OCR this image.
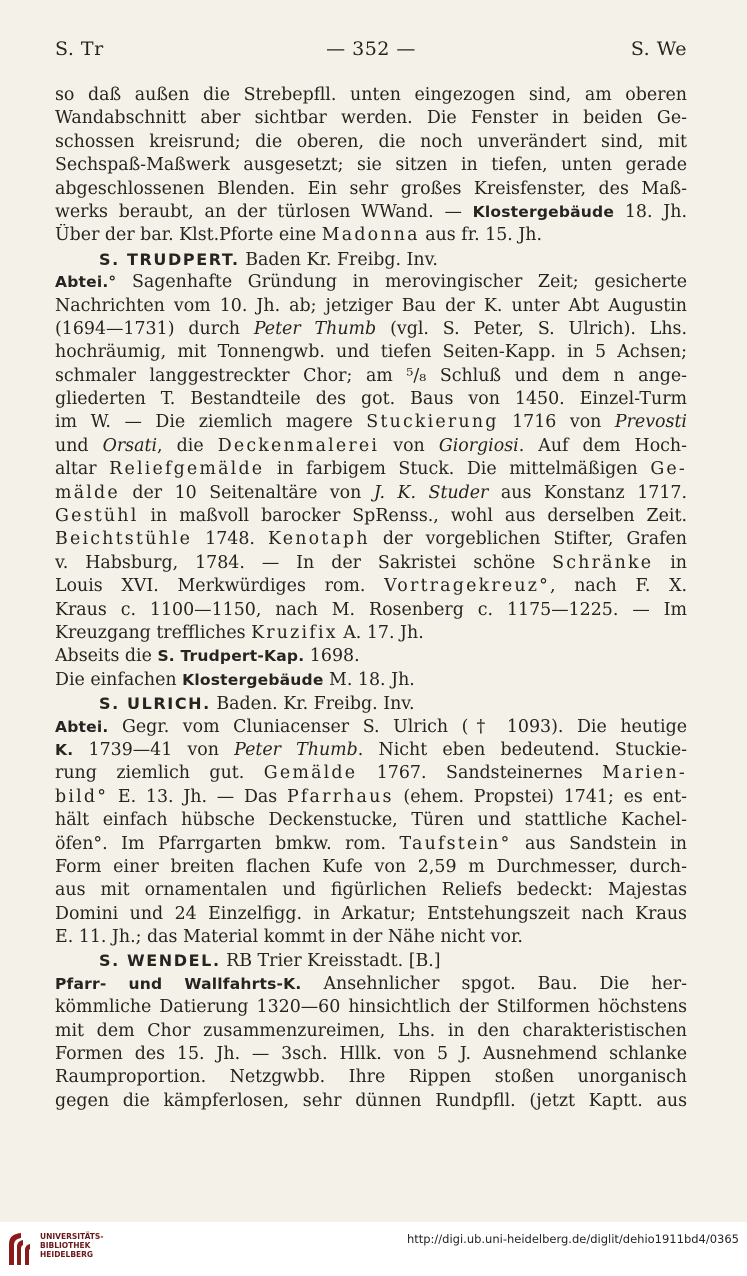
S. Tr	— 352 —	S. We
so daß außen die Strebepfll. unten eingezogen sind, am oberen
Wandabschnitt aber sichtbar werden. Die Fenster in beiden Ge-
schossen kreisrund; die oberen, die noch unverändert sind, mit
Sechspaß-Maßwerk ausgesetzt; sie sitzen in tiefen, unten gerade
abgeschlossenen Blenden. Ein sehr großes Kreisfenster, des Maß-
werks beraubt, an der türlosen WWand. — Klostergebäude 18. Jh.
Über der bar. Klst.Pforte eine Madonna aus fr. 15. Jh.
S. TRUDPERT. Baden Kr. Freibg. Inv.
Abtei.° Sagenhafte Gründung in merovingischer Zeit; gesicherte
Nachrichten vom 10. Jh. ab; jetziger Bau der K. unter Abt Augustin
(1694—1731) durch Peter Thumb (vgl. S. Peter, S. Ulrich). Lhs.
hochräumig, mit Tonnengwb. und tiefen Seiten-Kapp. in 5 Achsen;
schmaler langgestreckter Chor; am ⁵/₈ Schluß und dem n ange-
gliederten T. Bestandteile des got. Baus von 1450. Einzel-Turm
im W. — Die ziemlich magere Stuckierung 1716 von Prevosti
und Orsati, die Deckenmalerei von Giorgiosi. Auf dem Hoch-
altar Reliefgemälde in farbigem Stuck. Die mittelmäßigen Ge-
mälde der 10 Seitenaltäre von J. K. Studer aus Konstanz 1717.
Gestühl in maßvoll barocker SpRenss., wohl aus derselben Zeit.
Beichtstühle 1748. Kenotaph der vorgeblichen Stifter, Grafen
v. Habsburg, 1784. — In der Sakristei schöne Schränke in
Louis XVI. Merkwürdiges rom. Vortragekreuz°, nach F. X.
Kraus c. 1100—1150, nach M. Rosenberg c. 1175—1225. — Im
Kreuzgang treffliches Kruzifix A. 17. Jh.
Abseits die S. Trudpert-Kap. 1698.
Die einfachen Klostergebäude M. 18. Jh.
S. ULRICH. Baden. Kr. Freibg. Inv.
Abtei. Gegr. vom Cluniacenser S. Ulrich († 1093). Die heutige
K. 1739—41 von Peter Thumb. Nicht eben bedeutend. Stuckie-
rung ziemlich gut. Gemälde 1767. Sandsteinernes Marien-
bild° E. 13. Jh. — Das Pfarrhaus (ehem. Propstei) 1741; es ent-
hält einfach hübsche Deckenstucke, Türen und stattliche Kachel-
öfen°. Im Pfarrgarten bmkw. rom. Taufstein° aus Sandstein in
Form einer breiten flachen Kufe von 2,59 m Durchmesser, durch-
aus mit ornamentalen und figürlichen Reliefs bedeckt: Majestas
Domini und 24 Einzelfigg. in Arkatur; Entstehungszeit nach Kraus
E. 11. Jh.; das Material kommt in der Nähe nicht vor.
S. WENDEL. RB Trier Kreisstadt. [B.]
Pfarr- und Wallfahrts-K. Ansehnlicher spgot. Bau. Die her-
kömmliche Datierung 1320—60 hinsichtlich der Stilformen höchstens
mit dem Chor zusammenzureimen, Lhs. in den charakteristischen
Formen des 15. Jh. — 3sch. Hllk. von 5 J. Ausnehmend schlanke
Raumproportion. Netzgwbb. Ihre Rippen stoßen unorganisch
gegen die kämpferlosen, sehr dünnen Rundpfll. (jetzt Kaptt. aus
UNIVERSITÄTS-
BIBLIOTHEK
HEIDELBERG
http://digi.ub.uni-heidelberg.de/diglit/dehio1911bd4/0365
